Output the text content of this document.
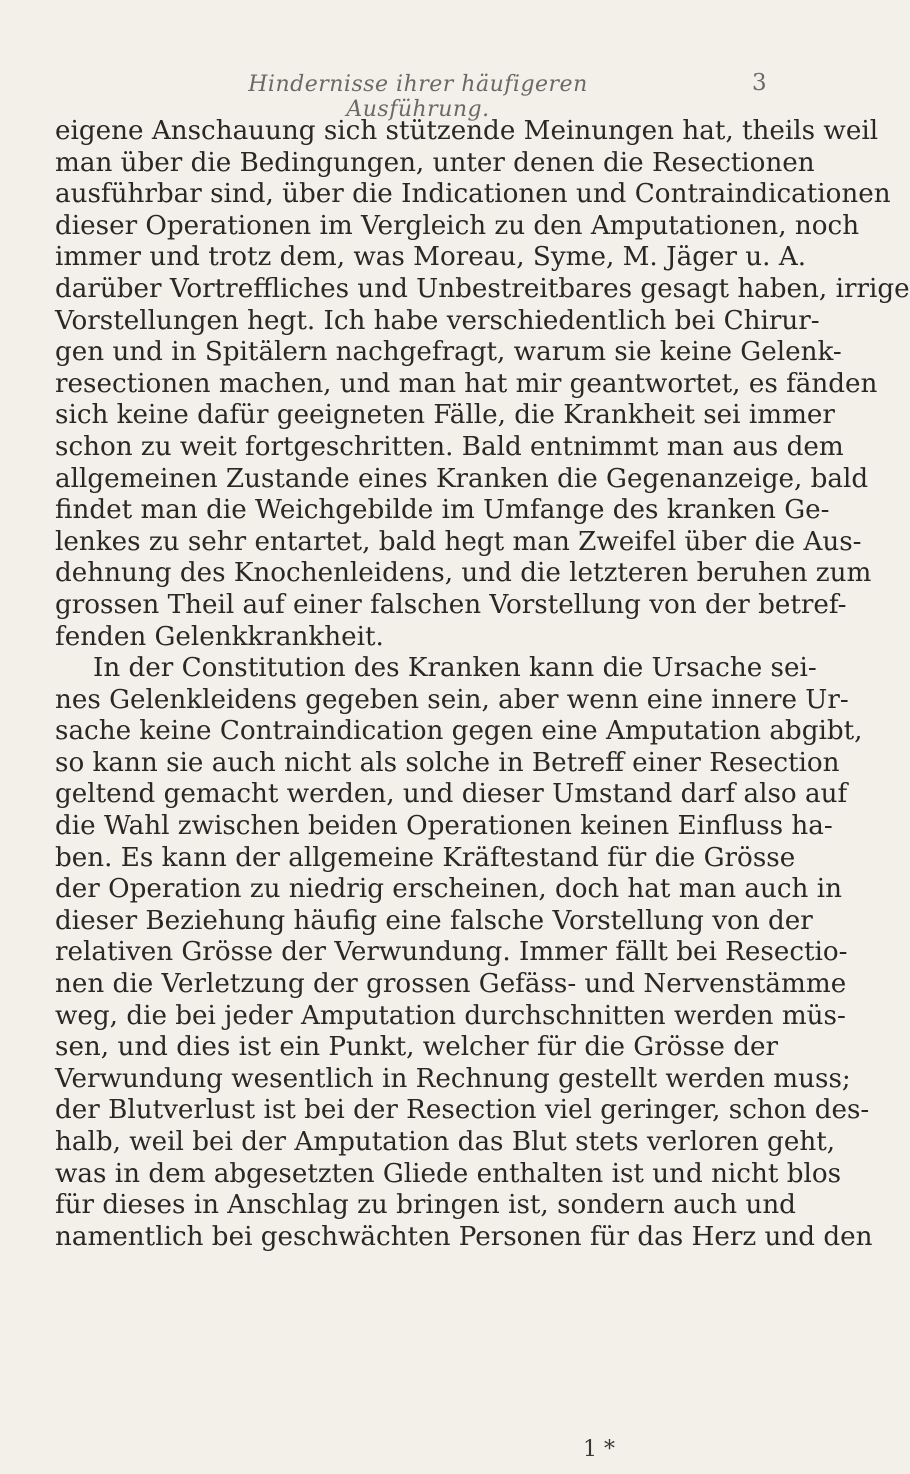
Hindernisse ihrer häufigeren Ausführung.
3
eigene Anschauung sich stützende Meinungen hat, theils weil
man über die Bedingungen, unter denen die Resectionen
ausführbar sind, über die Indicationen und Contraindicationen
dieser Operationen im Vergleich zu den Amputationen, noch
immer und trotz dem, was Moreau, Syme, M. Jäger u. A.
darüber Vortreffliches und Unbestreitbares gesagt haben, irrige
Vorstellungen hegt. Ich habe verschiedentlich bei Chirur-
gen und in Spitälern nachgefragt, warum sie keine Gelenk-
resectionen machen, und man hat mir geantwortet, es fänden
sich keine dafür geeigneten Fälle, die Krankheit sei immer
schon zu weit fortgeschritten. Bald entnimmt man aus dem
allgemeinen Zustande eines Kranken die Gegenanzeige, bald
findet man die Weichgebilde im Umfange des kranken Ge-
lenkes zu sehr entartet, bald hegt man Zweifel über die Aus-
dehnung des Knochenleidens, und die letzteren beruhen zum
grossen Theil auf einer falschen Vorstellung von der betref-
fenden Gelenkkrankheit.
In der Constitution des Kranken kann die Ursache sei-
nes Gelenkleidens gegeben sein, aber wenn eine innere Ur-
sache keine Contraindication gegen eine Amputation abgibt,
so kann sie auch nicht als solche in Betreff einer Resection
geltend gemacht werden, und dieser Umstand darf also auf
die Wahl zwischen beiden Operationen keinen Einfluss ha-
ben. Es kann der allgemeine Kräftestand für die Grösse
der Operation zu niedrig erscheinen, doch hat man auch in
dieser Beziehung häufig eine falsche Vorstellung von der
relativen Grösse der Verwundung. Immer fällt bei Resectio-
nen die Verletzung der grossen Gefäss- und Nervenstämme
weg, die bei jeder Amputation durchschnitten werden müs-
sen, und dies ist ein Punkt, welcher für die Grösse der
Verwundung wesentlich in Rechnung gestellt werden muss;
der Blutverlust ist bei der Resection viel geringer, schon des-
halb, weil bei der Amputation das Blut stets verloren geht,
was in dem abgesetzten Gliede enthalten ist und nicht blos
für dieses in Anschlag zu bringen ist, sondern auch und
namentlich bei geschwächten Personen für das Herz und den
1 *
